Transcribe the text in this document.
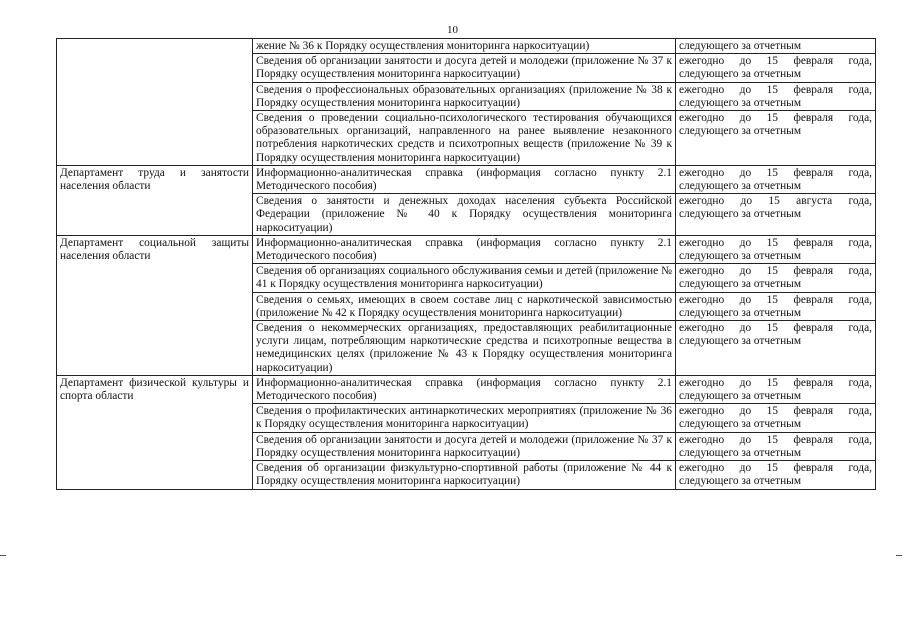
10
	жение № 36 к Порядку осуществления мониторинга наркоситуации)	следующего за отчетным
	Сведения об организации занятости и досуга детей и молодежи (приложение № 37 к Порядку осуществления мониторинга наркоситуации)	ежегодно до 15 февраля года, следующего за отчетным
	Сведения о профессиональных образовательных организациях (приложение № 38 к Порядку осуществления мониторинга наркоситуации)	ежегодно до 15 февраля года, следующего за отчетным
	Сведения о проведении социально-психологического тестирования обучающихся образовательных организаций, направленного на ранее выявление незаконного потребления наркотических средств и психотропных веществ (приложение № 39 к Порядку осуществления мониторинга наркоситуации)	ежегодно до 15 февраля года, следующего за отчетным
Департамент труда и занятости населения области	Информационно-аналитическая справка (информация согласно пункту 2.1 Методического пособия)	ежегодно до 15 февраля года, следующего за отчетным
	Сведения о занятости и денежных доходах населения субъекта Российской Федерации (приложение № 40 к Порядку осуществления мониторинга наркоситуации)	ежегодно до 15 августа года, следующего за отчетным
Департамент социальной защиты населения области	Информационно-аналитическая справка (информация согласно пункту 2.1 Методического пособия)	ежегодно до 15 февраля года, следующего за отчетным
	Сведения об организациях социального обслуживания семьи и детей (приложение № 41 к Порядку осуществления мониторинга наркоситуации)	ежегодно до 15 февраля года, следующего за отчетным
	Сведения о семьях, имеющих в своем составе лиц с наркотической зависимостью (приложение № 42 к Порядку осуществления мониторинга наркоситуации)	ежегодно до 15 февраля года, следующего за отчетным
	Сведения о некоммерческих организациях, предоставляющих реабилитационные услуги лицам, потребляющим наркотические средства и психотропные вещества в немедицинских целях (приложение № 43 к Порядку осуществления мониторинга наркоситуации)	ежегодно до 15 февраля года, следующего за отчетным
Департамент физической культуры и спорта области	Информационно-аналитическая справка (информация согласно пункту 2.1 Методического пособия)	ежегодно до 15 февраля года, следующего за отчетным
	Сведения о профилактических антинаркотических мероприятиях (приложение № 36 к Порядку осуществления мониторинга наркоситуации)	ежегодно до 15 февраля года, следующего за отчетным
	Сведения об организации занятости и досуга детей и молодежи (приложение № 37 к Порядку осуществления мониторинга наркоситуации)	ежегодно до 15 февраля года, следующего за отчетным
	Сведения об организации физкультурно-спортивной работы (приложение № 44 к Порядку осуществления мониторинга наркоситуации)	ежегодно до 15 февраля года, следующего за отчетным
